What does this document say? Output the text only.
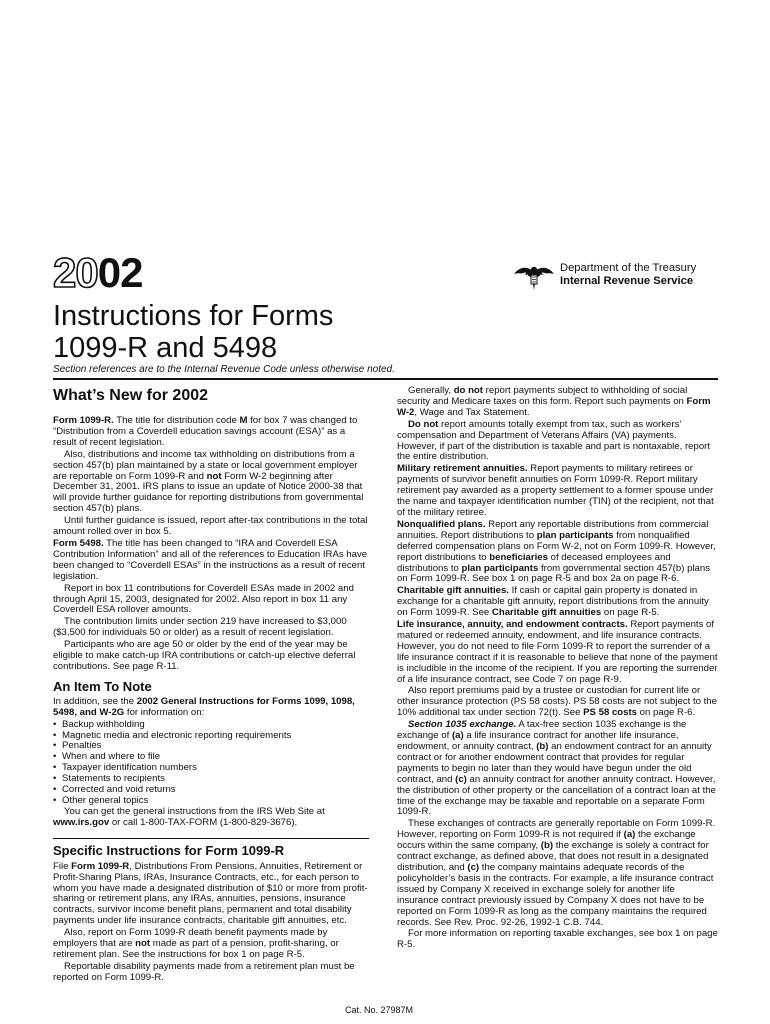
2002	Department of the Treasury
Internal Revenue Service
Instructions for Forms
1099-R and 5498
Section references are to the Internal Revenue Code unless otherwise noted.
What’s New for 2002

Form 1099-R. The title for distribution code M for box 7 was changed to “Distribution from a Coverdell education savings account (ESA)” as a result of recent legislation.

Also, distributions and income tax withholding on distributions from a section 457(b) plan maintained by a state or local government employer are reportable on Form 1099-R and not Form W-2 beginning after December 31, 2001. IRS plans to issue an update of Notice 2000-38 that will provide further guidance for reporting distributions from governmental section 457(b) plans.

Until further guidance is issued, report after-tax contributions in the total amount rolled over in box 5.

Form 5498. The title has been changed to “IRA and Coverdell ESA Contribution Information” and all of the references to Education IRAs have been changed to “Coverdell ESAs” in the instructions as a result of recent legislation.

Report in box 11 contributions for Coverdell ESAs made in 2002 and through April 15, 2003, designated for 2002. Also report in box 11 any Coverdell ESA rollover amounts.

The contribution limits under section 219 have increased to $3,000 ($3,500 for individuals 50 or older) as a result of recent legislation.

Participants who are age 50 or older by the end of the year may be eligible to make catch-up IRA contributions or catch-up elective deferral contributions. See page R-11.

An Item To Note

In addition, see the 2002 General Instructions for Forms 1099, 1098, 5498, and W-2G for information on:

• Backup withholding
• Magnetic media and electronic reporting requirements
• Penalties
• When and where to file
• Taxpayer identification numbers
• Statements to recipients
• Corrected and void returns
• Other general topics

You can get the general instructions from the IRS Web Site at www.irs.gov or call 1-800-TAX-FORM (1-800-829-3676).

Specific Instructions for Form 1099-R

File Form 1099-R, Distributions From Pensions, Annuities, Retirement or Profit-Sharing Plans, IRAs, Insurance Contracts, etc., for each person to whom you have made a designated distribution of $10 or more from profit-sharing or retirement plans, any IRAs, annuities, pensions, insurance contracts, survivor income benefit plans, permanent and total disability payments under life insurance contracts, charitable gift annuities, etc.

Also, report on Form 1099-R death benefit payments made by employers that are not made as part of a pension, profit-sharing, or retirement plan. See the instructions for box 1 on page R-5.

Reportable disability payments made from a retirement plan must be reported on Form 1099-R.

Generally, do not report payments subject to withholding of social security and Medicare taxes on this form. Report such payments on Form W-2, Wage and Tax Statement.

Do not report amounts totally exempt from tax, such as workers’ compensation and Department of Veterans Affairs (VA) payments. However, if part of the distribution is taxable and part is nontaxable, report the entire distribution.

Military retirement annuities. Report payments to military retirees or payments of survivor benefit annuities on Form 1099-R. Report military retirement pay awarded as a property settlement to a former spouse under the name and taxpayer identification number (TIN) of the recipient, not that of the military retiree.

Nonqualified plans. Report any reportable distributions from commercial annuities. Report distributions to plan participants from nonqualified deferred compensation plans on Form W-2, not on Form 1099-R. However, report distributions to beneficiaries of deceased employees and distributions to plan participants from governmental section 457(b) plans on Form 1099-R. See box 1 on page R-5 and box 2a on page R-6.

Charitable gift annuities. If cash or capital gain property is donated in exchange for a charitable gift annuity, report distributions from the annuity on Form 1099-R. See Charitable gift annuities on page R-5.

Life insurance, annuity, and endowment contracts. Report payments of matured or redeemed annuity, endowment, and life insurance contracts. However, you do not need to file Form 1099-R to report the surrender of a life insurance contract if it is reasonable to believe that none of the payment is includible in the income of the recipient. If you are reporting the surrender of a life insurance contract, see Code 7 on page R-9.

Also report premiums paid by a trustee or custodian for current life or other insurance protection (PS 58 costs). PS 58 costs are not subject to the 10% additional tax under section 72(t). See PS 58 costs on page R-6.

Section 1035 exchange. A tax-free section 1035 exchange is the exchange of (a) a life insurance contract for another life insurance, endowment, or annuity contract, (b) an endowment contract for an annuity contract or for another endowment contract that provides for regular payments to begin no later than they would have begun under the old contract, and (c) an annuity contract for another annuity contract. However, the distribution of other property or the cancellation of a contract loan at the time of the exchange may be taxable and reportable on a separate Form 1099-R.

These exchanges of contracts are generally reportable on Form 1099-R. However, reporting on Form 1099-R is not required if (a) the exchange occurs within the same company, (b) the exchange is solely a contract for contract exchange, as defined above, that does not result in a designated distribution, and (c) the company maintains adequate records of the policyholder’s basis in the contracts. For example, a life insurance contract issued by Company X received in exchange solely for another life insurance contract previously issued by Company X does not have to be reported on Form 1099-R as long as the company maintains the required records. See Rev. Proc. 92-26, 1992-1 C.B. 744.

For more information on reporting taxable exchanges, see box 1 on page R-5.

Cat. No. 27987M
